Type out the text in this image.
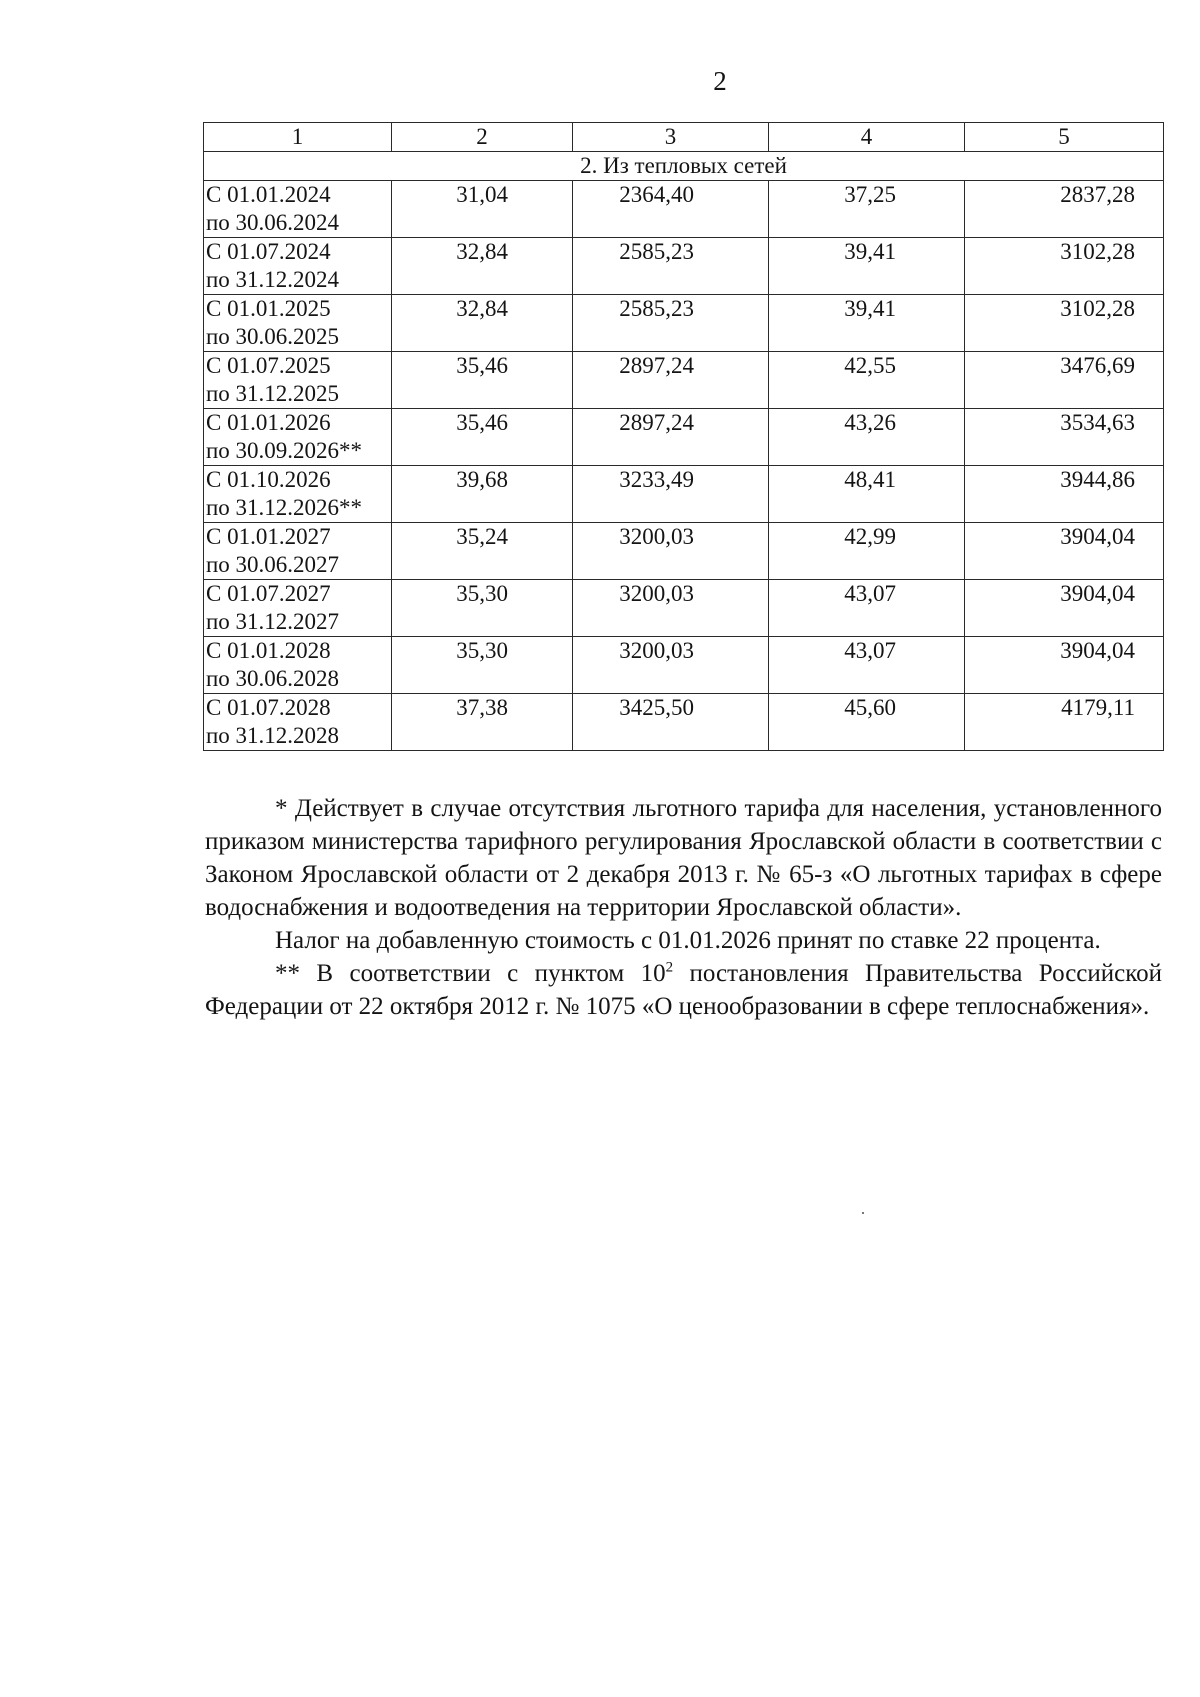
2
1	2	3	4	5
2. Из тепловых сетей				

С 01.01.2024
по 30.06.2024	31,04	2364,40	37,25	2837,28

С 01.07.2024
по 31.12.2024	32,84	2585,23	39,41	3102,28

С 01.01.2025
по 30.06.2025	32,84	2585,23	39,41	3102,28

С 01.07.2025
по 31.12.2025	35,46	2897,24	42,55	3476,69

С 01.01.2026
по 30.09.2026**	35,46	2897,24	43,26	3534,63

С 01.10.2026
по 31.12.2026**	39,68	3233,49	48,41	3944,86

С 01.01.2027
по 30.06.2027	35,24	3200,03	42,99	3904,04

С 01.07.2027
по 31.12.2027	35,30	3200,03	43,07	3904,04

С 01.01.2028
по 30.06.2028	35,30	3200,03	43,07	3904,04

С 01.07.2028
по 31.12.2028	37,38	3425,50	45,60	4179,11

* Действует в случае отсутствия льготного тарифа для населения, установленного приказом министерства тарифного регулирования Ярославской области в соответствии с Законом Ярославской области от 2 декабря 2013 г. № 65-з «О льготных тарифах в сфере водоснабжения и водоотведения на территории Ярославской области».

Налог на добавленную стоимость с 01.01.2026 принят по ставке 22 процента.

** В соответствии с пунктом $10^2$ постановления Правительства Российской Федерации от 22 октября 2012 г. № 1075 «О ценообразовании в сфере теплоснабжения».
